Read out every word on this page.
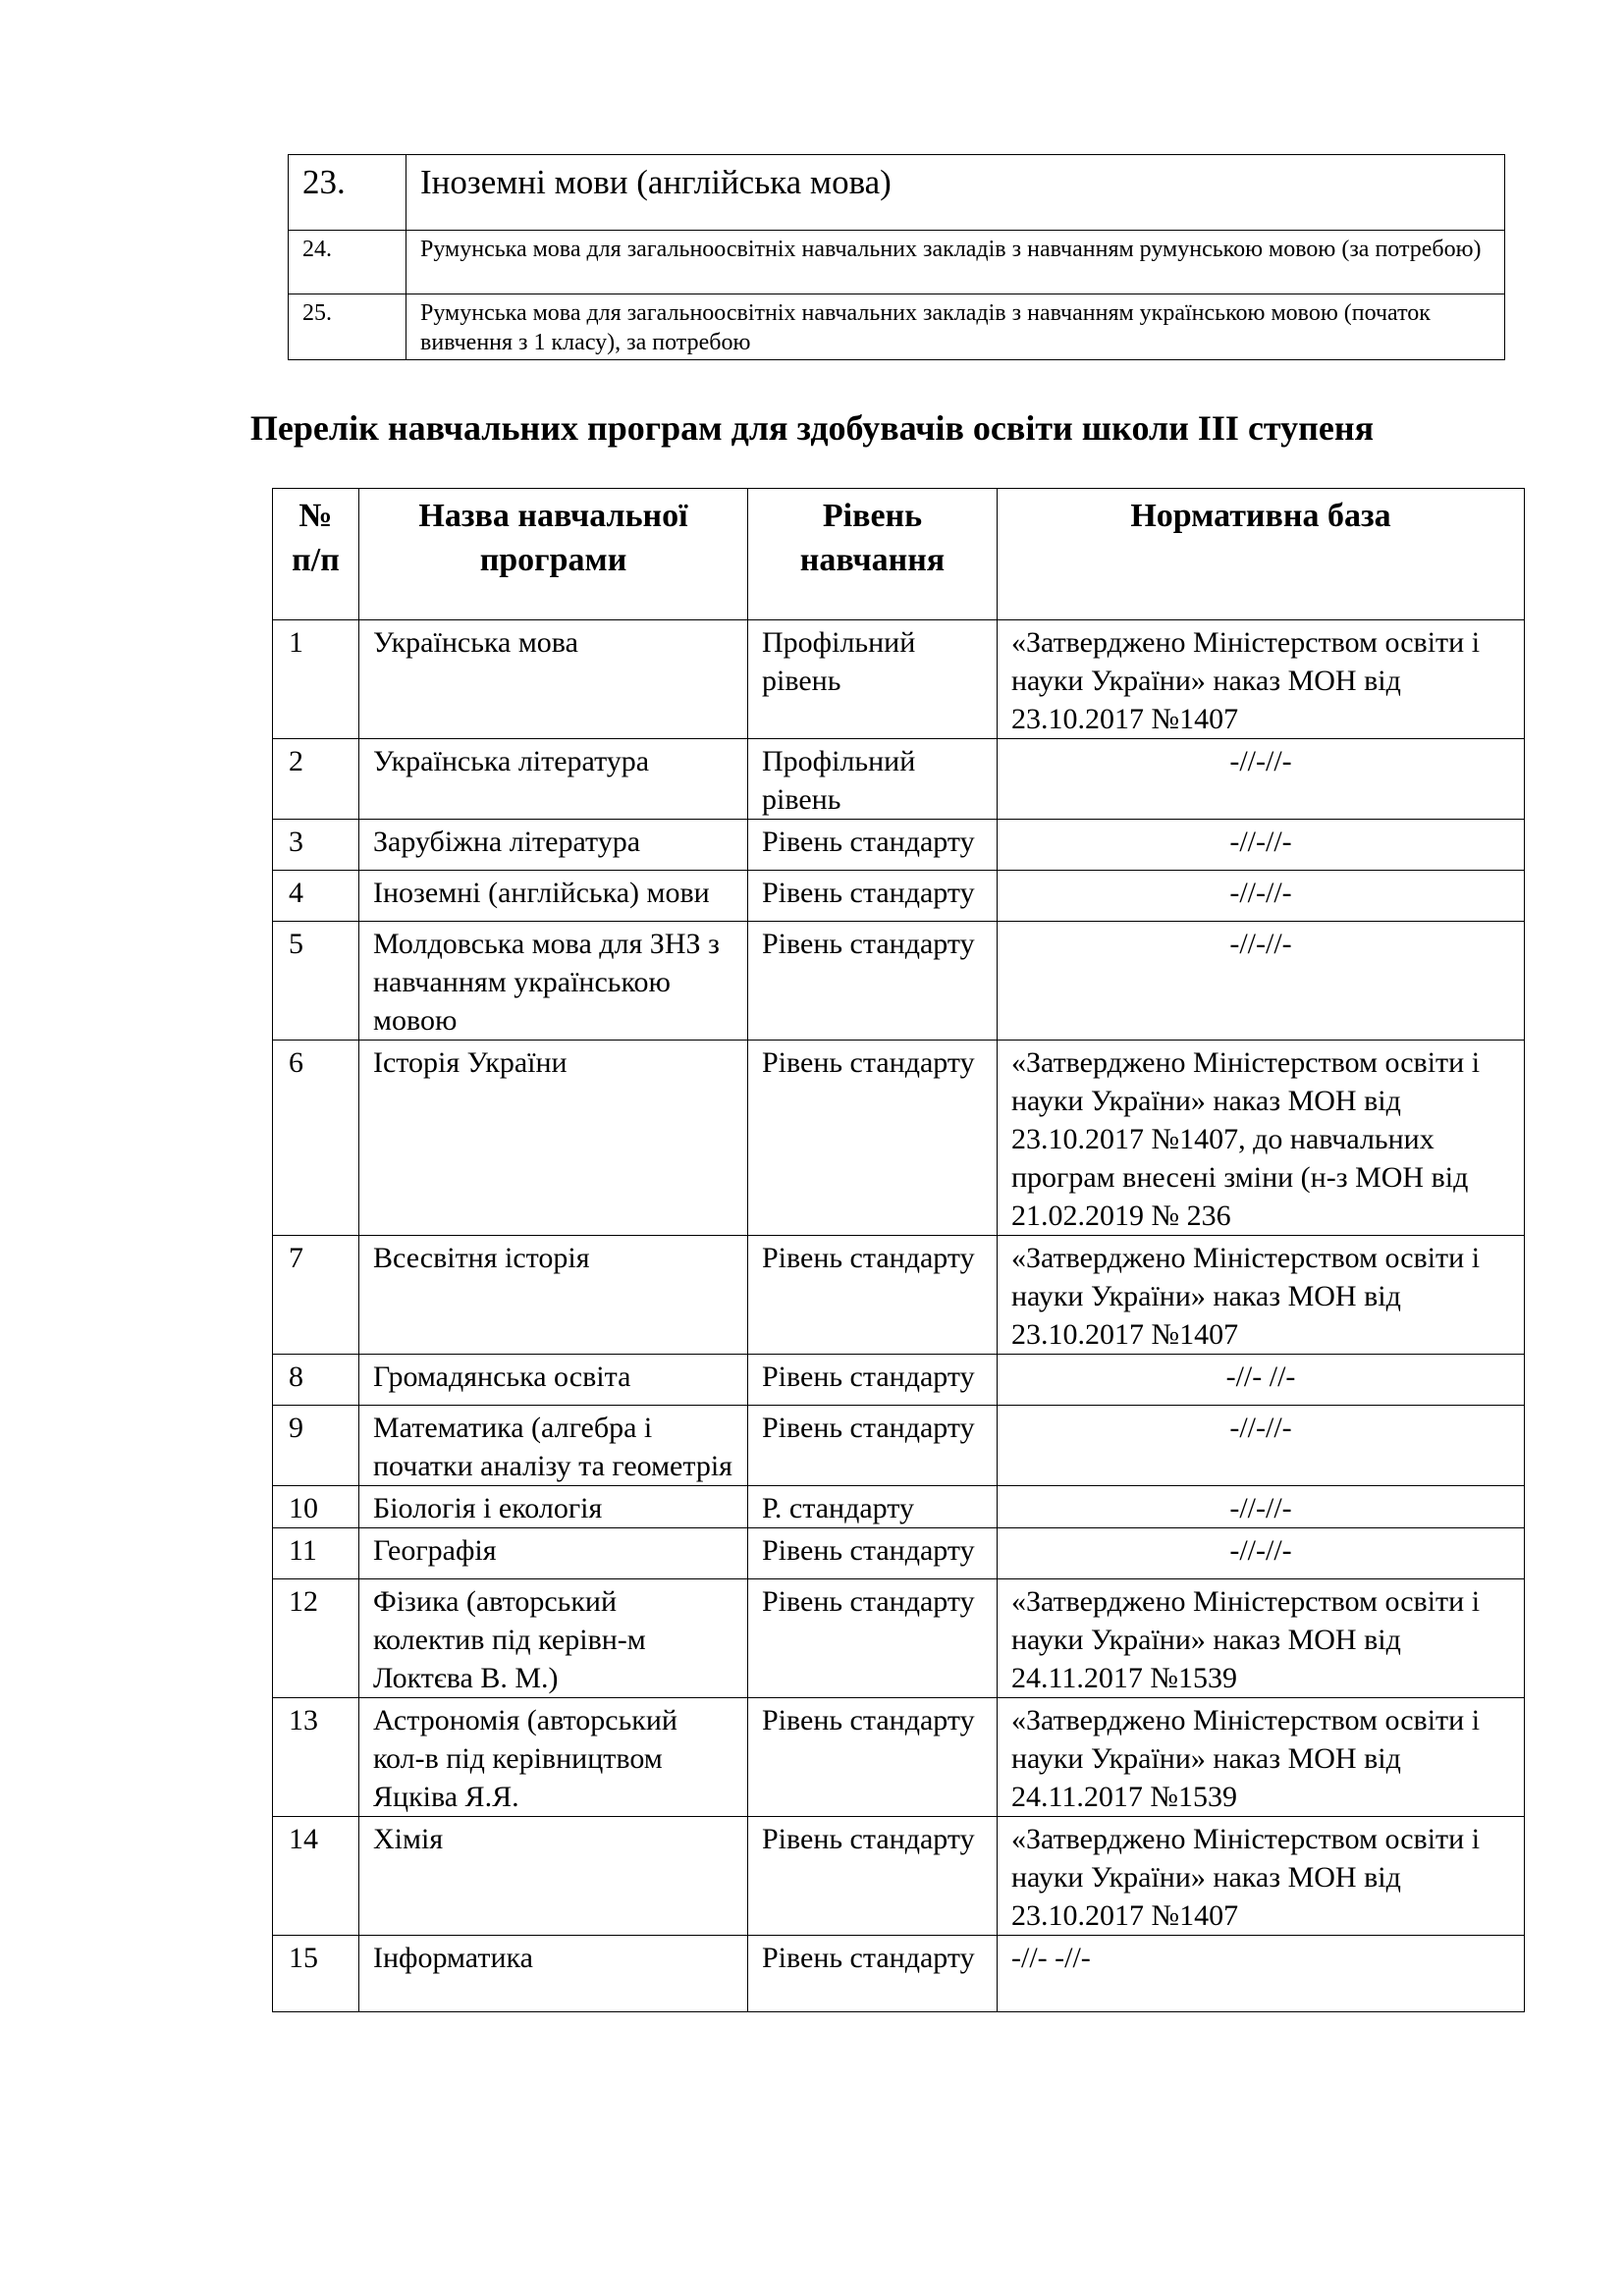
23.	Іноземні мови (англійська мова)
24.	Румунська мова для загальноосвітніх навчальних закладів з навчанням румунською мовою (за потребою)
25.	Румунська мова для загальноосвітніх навчальних закладів з навчанням українською мовою (початок вивчення з 1 класу), за потребою
Перелік навчальних програм для здобувачів освіти школи ІІІ ступеня
№ п/п	Назва навчальної програми	Рівень навчання	Нормативна база
1	Українська мова	Профільний рівень	«Затверджено Міністерством освіти і науки України» наказ МОН від 23.10.2017 №1407
2	Українська література	Профільний рівень	-//-//-
3	Зарубіжна література	Рівень стандарту	-//-//-
4	Іноземні (англійська) мови	Рівень стандарту	-//-//-
5	Молдовська мова для ЗНЗ з навчанням українською мовою	Рівень стандарту	-//-//-
6	Історія України	Рівень стандарту	«Затверджено Міністерством освіти і науки України» наказ МОН від 23.10.2017 №1407, до навчальних програм внесені зміни (н-з МОН від 21.02.2019 № 236
7	Всесвітня історія	Рівень стандарту	«Затверджено Міністерством освіти і науки України» наказ МОН від 23.10.2017 №1407
8	Громадянська освіта	Рівень стандарту	-//- //-
9	Математика (алгебра і початки аналізу та геометрія	Рівень стандарту	-//-//-
10	Біологія і екологія	Р. стандарту	-//-//-
11	Географія	Рівень стандарту	-//-//-
12	Фізика (авторський колектив під керівн-м Локтєва В. М.)	Рівень стандарту	«Затверджено Міністерством освіти і науки України» наказ МОН від 24.11.2017 №1539
13	Астрономія (авторський кол-в під керівництвом Яцківа Я.Я.	Рівень стандарту	«Затверджено Міністерством освіти і науки України» наказ МОН від 24.11.2017 №1539
14	Хімія	Рівень стандарту	«Затверджено Міністерством освіти і науки України» наказ МОН від 23.10.2017 №1407
15	Інформатика	Рівень стандарту	-//- -//-
